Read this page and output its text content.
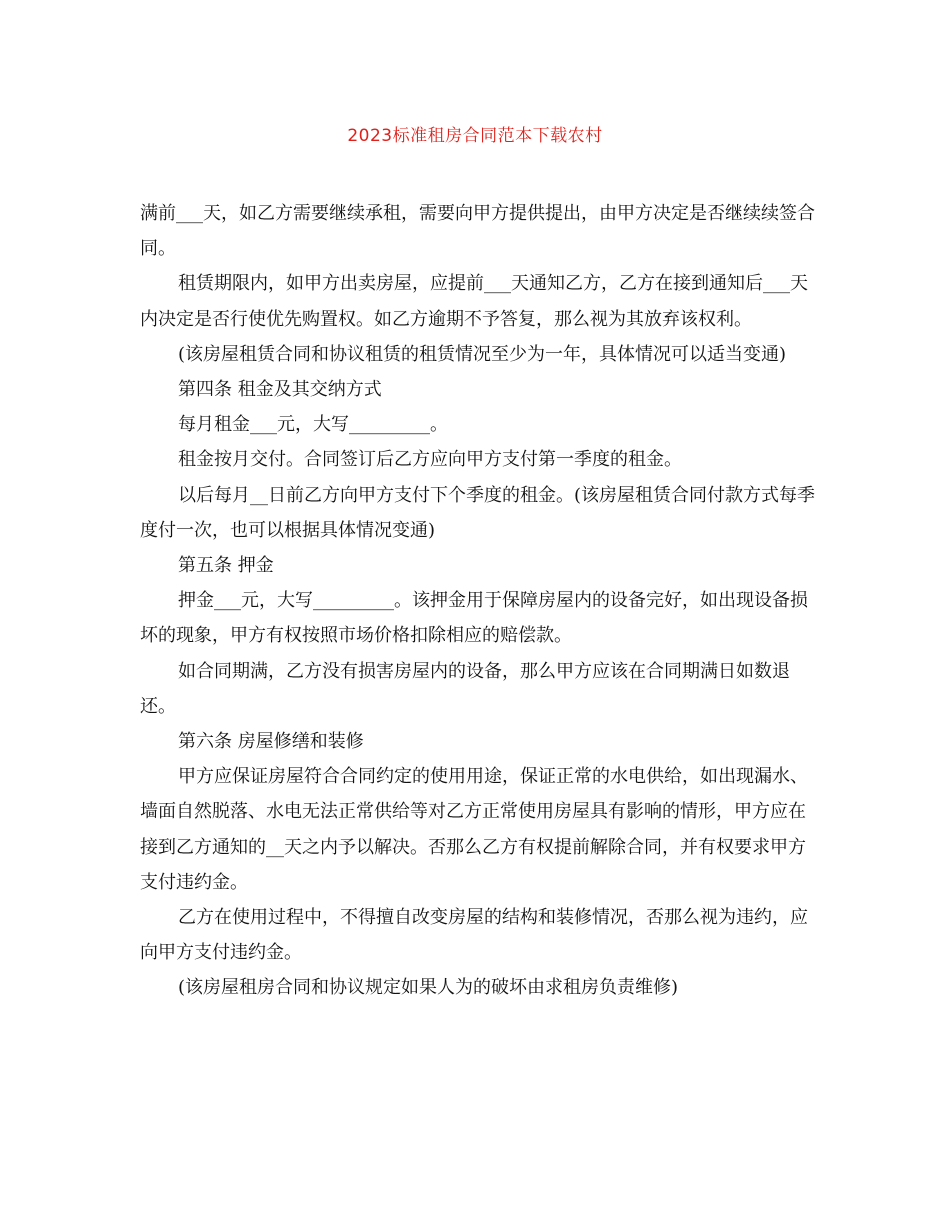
2023标准租房合同范本下载农村

满前___天，如乙方需要继续承租，需要向甲方提供提出，由甲方决定是否继续续签合同。

租赁期限内，如甲方出卖房屋，应提前___天通知乙方，乙方在接到通知后___天内决定是否行使优先购置权。如乙方逾期不予答复，那么视为其放弃该权利。

(该房屋租赁合同和协议租赁的租赁情况至少为一年，具体情况可以适当变通)

第四条 租金及其交纳方式

每月租金___元，大写_________。

租金按月交付。合同签订后乙方应向甲方支付第一季度的租金。

以后每月__日前乙方向甲方支付下个季度的租金。(该房屋租赁合同付款方式每季度付一次，也可以根据具体情况变通)

第五条 押金

押金___元，大写_________。该押金用于保障房屋内的设备完好，如出现设备损坏的现象，甲方有权按照市场价格扣除相应的赔偿款。

如合同期满，乙方没有损害房屋内的设备，那么甲方应该在合同期满日如数退还。

第六条 房屋修缮和装修

甲方应保证房屋符合合同约定的使用用途，保证正常的水电供给，如出现漏水、墙面自然脱落、水电无法正常供给等对乙方正常使用房屋具有影响的情形，甲方应在接到乙方通知的__天之内予以解决。否那么乙方有权提前解除合同，并有权要求甲方支付违约金。

乙方在使用过程中，不得擅自改变房屋的结构和装修情况，否那么视为违约，应向甲方支付违约金。

(该房屋租房合同和协议规定如果人为的破坏由求租房负责维修)
